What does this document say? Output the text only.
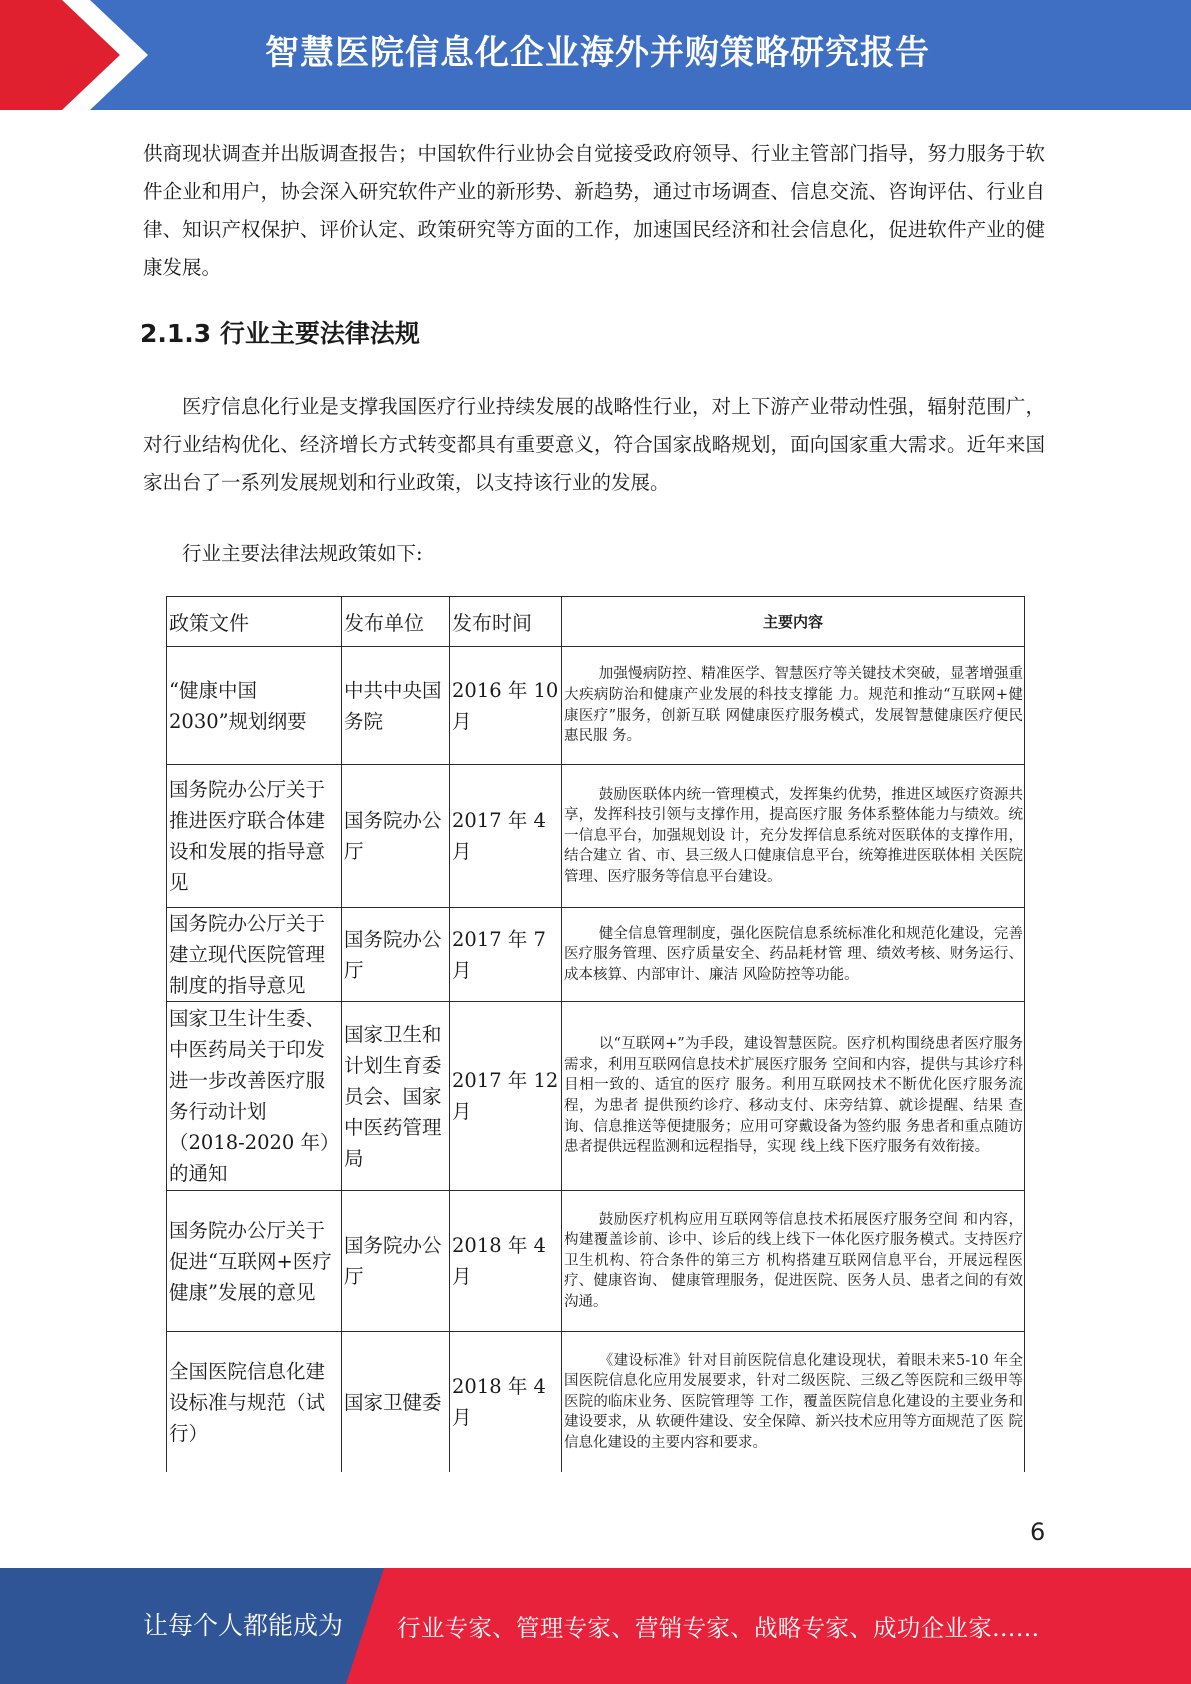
智慧医院信息化企业海外并购策略研究报告
供商现状调查并出版调查报告；中国软件行业协会自觉接受政府领导、行业主管部门指导，努力服务于软件企业和用户，协会深入研究软件产业的新形势、新趋势，通过市场调查、信息交流、咨询评估、行业自律、知识产权保护、评价认定、政策研究等方面的工作，加速国民经济和社会信息化，促进软件产业的健康发展。
2.1.3 行业主要法律法规
医疗信息化行业是支撑我国医疗行业持续发展的战略性行业，对上下游产业带动性强，辐射范围广，对行业结构优化、经济增长方式转变都具有重要意义，符合国家战略规划，面向国家重大需求。近年来国家出台了一系列发展规划和行业政策，以支持该行业的发展。
行业主要法律法规政策如下:
政策文件	发布单位	发布时间	主要内容
“健康中国 2030”规划纲要	中共中央国务院	2016 年 10 月	加强慢病防控、精准医学、智慧医疗等关键技术突破，显著增强重大疾病防治和健康产业发展的科技支撑能 力。规范和推动“互联网+健康医疗”服务，创新互联 网健康医疗服务模式，发展智慧健康医疗便民惠民服 务。

国务院办公厅关于推进医疗联合体建设和发展的指导意见	国务院办公厅	2017 年 4 月	鼓励医联体内统一管理模式，发挥集约优势，推进区域医疗资源共享，发挥科技引领与支撑作用，提高医疗服 务体系整体能力与绩效。统一信息平台，加强规划设 计，充分发挥信息系统对医联体的支撑作用，结合建立 省、市、县三级人口健康信息平台，统筹推进医联体相 关医院管理、医疗服务等信息平台建设。

国务院办公厅关于建立现代医院管理制度的指导意见	国务院办公厅	2017 年 7 月	健全信息管理制度，强化医院信息系统标准化和规范化建设，完善医疗服务管理、医疗质量安全、药品耗材管 理、绩效考核、财务运行、成本核算、内部审计、廉洁 风险防控等功能。

国家卫生计生委、中医药局关于印发进一步改善医疗服务行动计划（2018-2020 年）的通知	国家卫生和计划生育委员会、国家中医药管理局	2017 年 12 月	以“互联网+”为手段，建设智慧医院。医疗机构围绕患者医疗服务需求，利用互联网信息技术扩展医疗服务 空间和内容，提供与其诊疗科目相一致的、适宜的医疗 服务。利用互联网技术不断优化医疗服务流程，为患者 提供预约诊疗、移动支付、床旁结算、就诊提醒、结果 查询、信息推送等便捷服务；应用可穿戴设备为签约服 务患者和重点随访患者提供远程监测和远程指导，实现 线上线下医疗服务有效衔接。

国务院办公厅关于促进“互联网+医疗健康”发展的意见	国务院办公厅	2018 年 4 月	鼓励医疗机构应用互联网等信息技术拓展医疗服务空间 和内容，构建覆盖诊前、诊中、诊后的线上线下一体化医疗服务模式。支持医疗卫生机构、符合条件的第三方 机构搭建互联网信息平台，开展远程医疗、健康咨询、 健康管理服务，促进医院、医务人员、患者之间的有效 沟通。

全国医院信息化建设标准与规范（试行）	国家卫健委	2018 年 4 月	《建设标准》针对目前医院信息化建设现状，着眼未来5-10 年全国医院信息化应用发展要求，针对二级医院、三级乙等医院和三级甲等医院的临床业务、医院管理等 工作，覆盖医院信息化建设的主要业务和建设要求，从 软硬件建设、安全保障、新兴技术应用等方面规范了医 院信息化建设的主要内容和要求。
6
让每个人都能成为 行业专家、管理专家、营销专家、战略专家、成功企业家……
